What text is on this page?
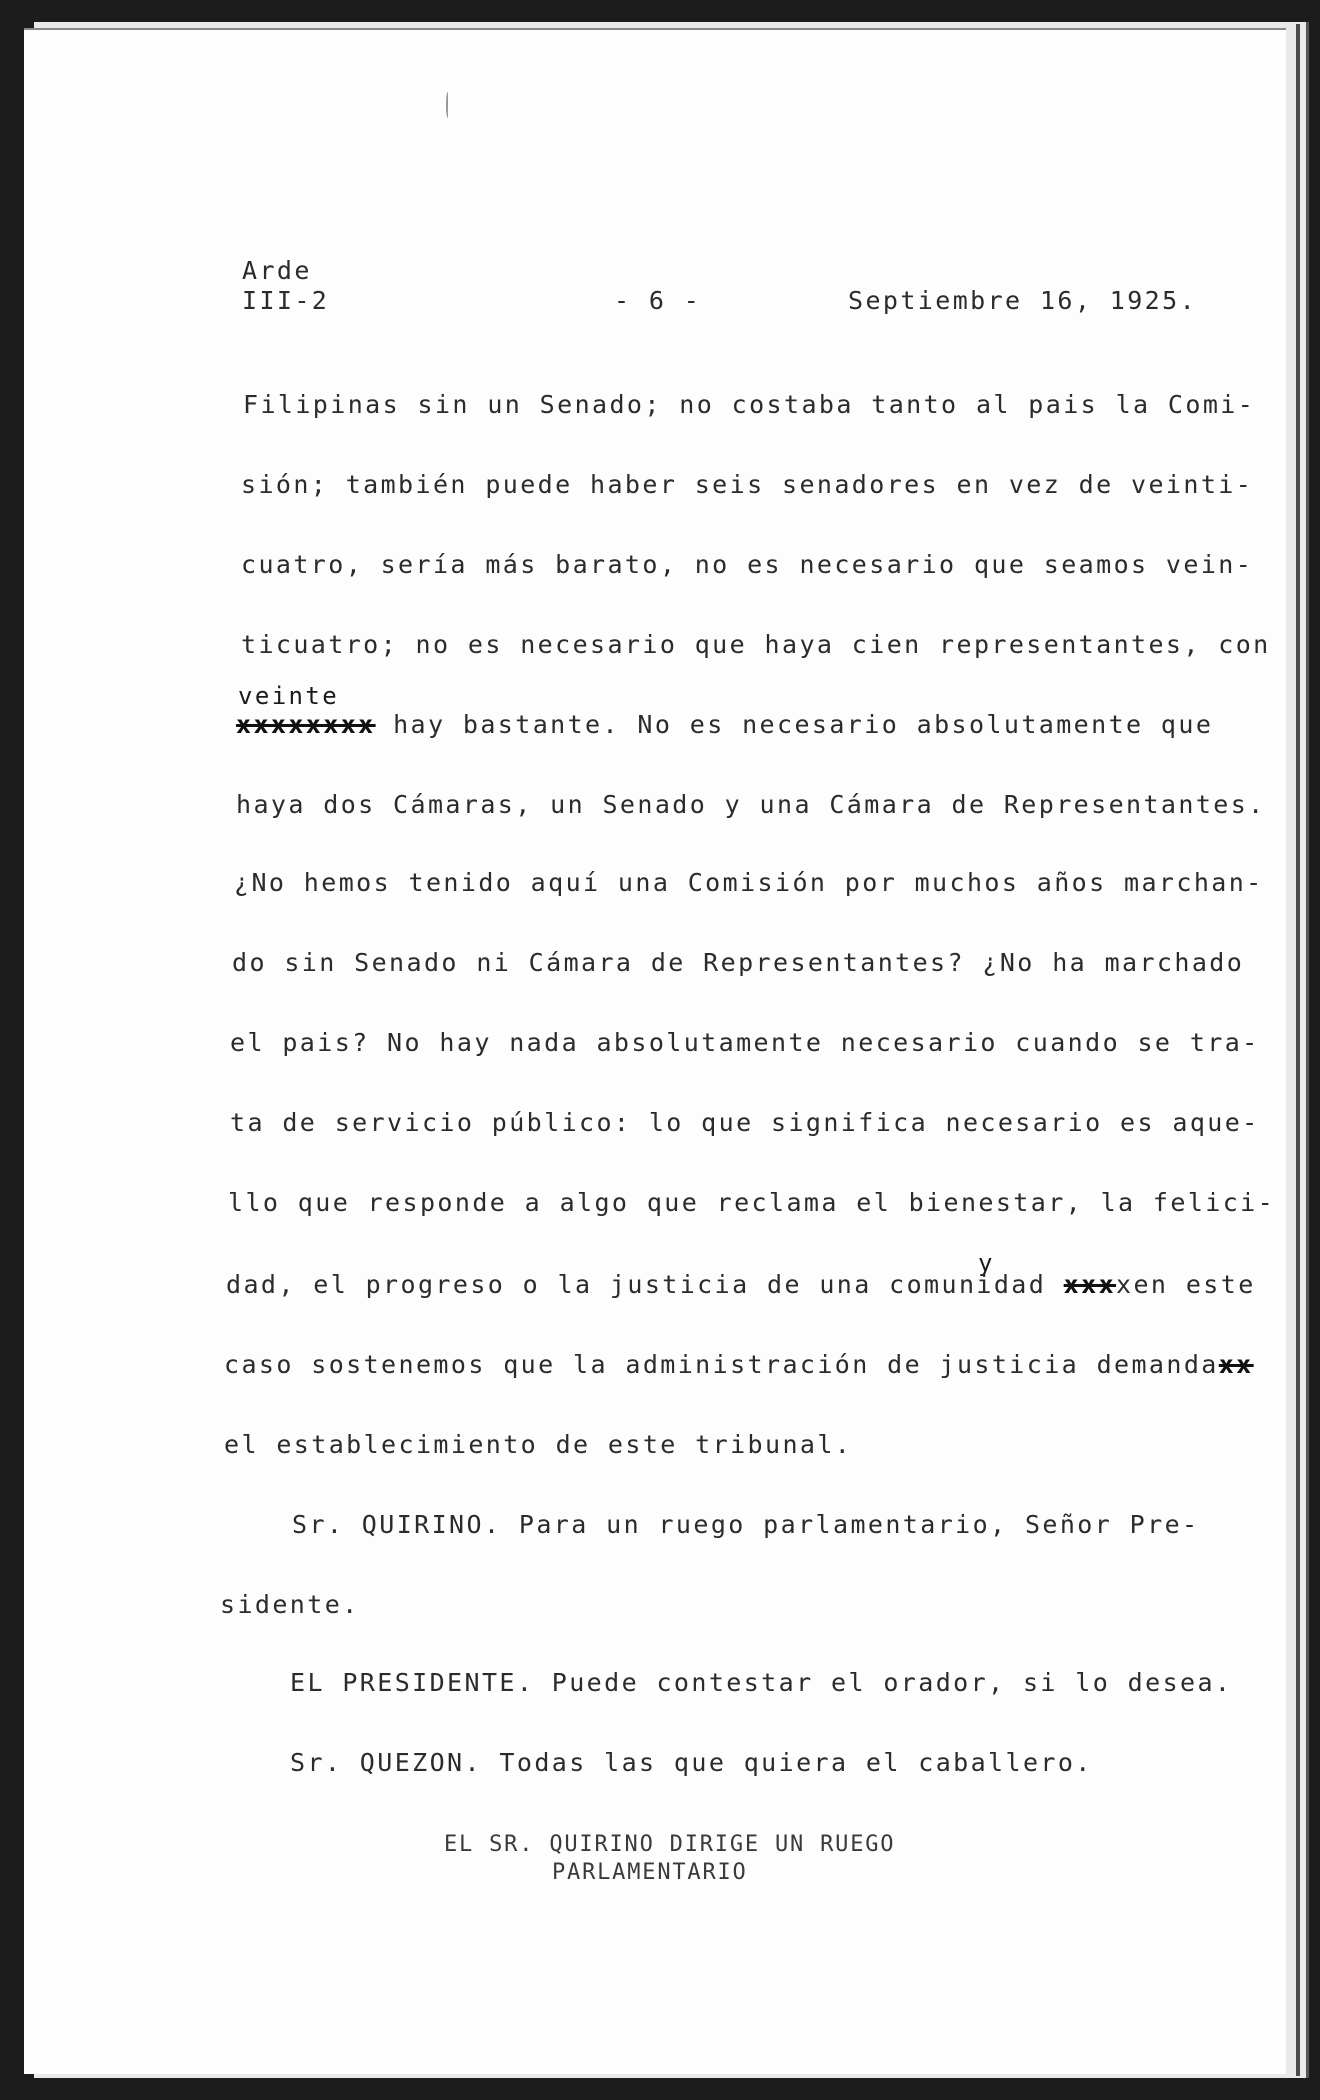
Arde
III-2	- 6 -	Septiembre 16, 1925.
Filipinas sin un Senado; no costaba tanto al pais la Comi-
sión; también puede haber seis senadores en vez de veinti-
cuatro, sería más barato, no es necesario que seamos vein-
ticuatro; no es necesario que haya cien representantes, con
veinte
xxxxxxxx hay bastante. No es necesario absolutamente que
haya dos Cámaras, un Senado y una Cámara de Representantes.
¿No hemos tenido aquí una Comisión por muchos años marchan-
do sin Senado ni Cámara de Representantes? ¿No ha marchado
el pais? No hay nada absolutamente necesario cuando se tra-
ta de servicio público: lo que significa necesario es aque-
llo que responde a algo que reclama el bienestar, la felici-
y
dad, el progreso o la justicia de una comunidad xxxxen este
caso sostenemos que la administración de justicia demandaxx
el establecimiento de este tribunal.
Sr. QUIRINO. Para un ruego parlamentario, Señor Pre-
sidente.
EL PRESIDENTE. Puede contestar el orador, si lo desea.
Sr. QUEZON. Todas las que quiera el caballero.
EL SR. QUIRINO DIRIGE UN RUEGO
PARLAMENTARIO
